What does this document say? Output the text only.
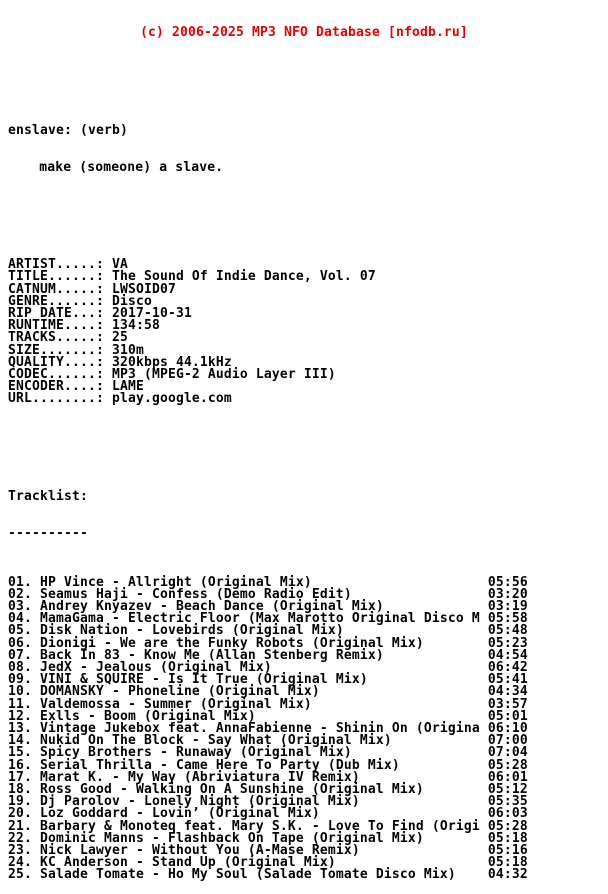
(c) 2006-2025 MP3 NFO Database [nfodb.ru]

enslave: (verb)

make (someone) a slave.

ARTIST.....: VA
TITLE......: The Sound Of Indie Dance, Vol. 07
CATNUM.....: LWSOID07
GENRE......: Disco
RIP DATE...: 2017-10-31
RUNTIME....: 134:58
TRACKS.....: 25
SIZE.......: 310m
QUALITY....: 320kbps 44.1kHz
CODEC......: MP3 (MPEG-2 Audio Layer III)
ENCODER....: LAME
URL........: play.google.com

Tracklist:

----------

01. HP Vince - Allright (Original Mix)                      05:56
02. Seamus Haji - Confess (Demo Radio Edit)                 03:20
03. Andrey Knyazev - Beach Dance (Original Mix)             03:19
04. MamaGama - Electric Floor (Max Marotto Original Disco M 05:58
05. Disk Nation - Lovebirds (Original Mix)                  05:48
06. Dionigi - We are the Funky Robots (Original Mix)        05:23
07. Back In 83 - Know Me (Allan Stenberg Remix)             04:54
08. JedX - Jealous (Original Mix)                           06:42
09. VINI & SQUIRE - Is It True (Original Mix)               05:41
10. DOMANSKY - Phoneline (Original Mix)                     04:34
11. Valdemossa - Summer (Original Mix)                      03:57
12. Exlls - Boom (Original Mix)                             05:01
13. Vintage Jukebox feat. AnnaFabienne - Shinin On (Origina 06:10
14. Nukid On The Block - Say What (Original Mix)            07:00
15. Spicy Brothers - Runaway (Original Mix)                 07:04
16. Serial Thrilla - Came Here To Party (Dub Mix)           05:28
17. Marat K. - My Way (Abriviatura IV Remix)                06:01
18. Ross Good - Walking On A Sunshine (Original Mix)        05:12
19. Dj Parolov - Lonely Night (Original Mix)                05:35
20. Loz Goddard - Lovin’ (Original Mix)                     06:03
21. Barbary & Monoteq feat. Mary S.K. - Love To Find (Origi 05:28
22. Dominic Manns - Flashback On Tape (Original Mix)        05:18
23. Nick Lawyer - Without You (A-Mase Remix)                05:16
24. KC Anderson - Stand Up (Original Mix)                   05:18
25. Salade Tomate - Ho My Soul (Salade Tomate Disco Mix)    04:32
